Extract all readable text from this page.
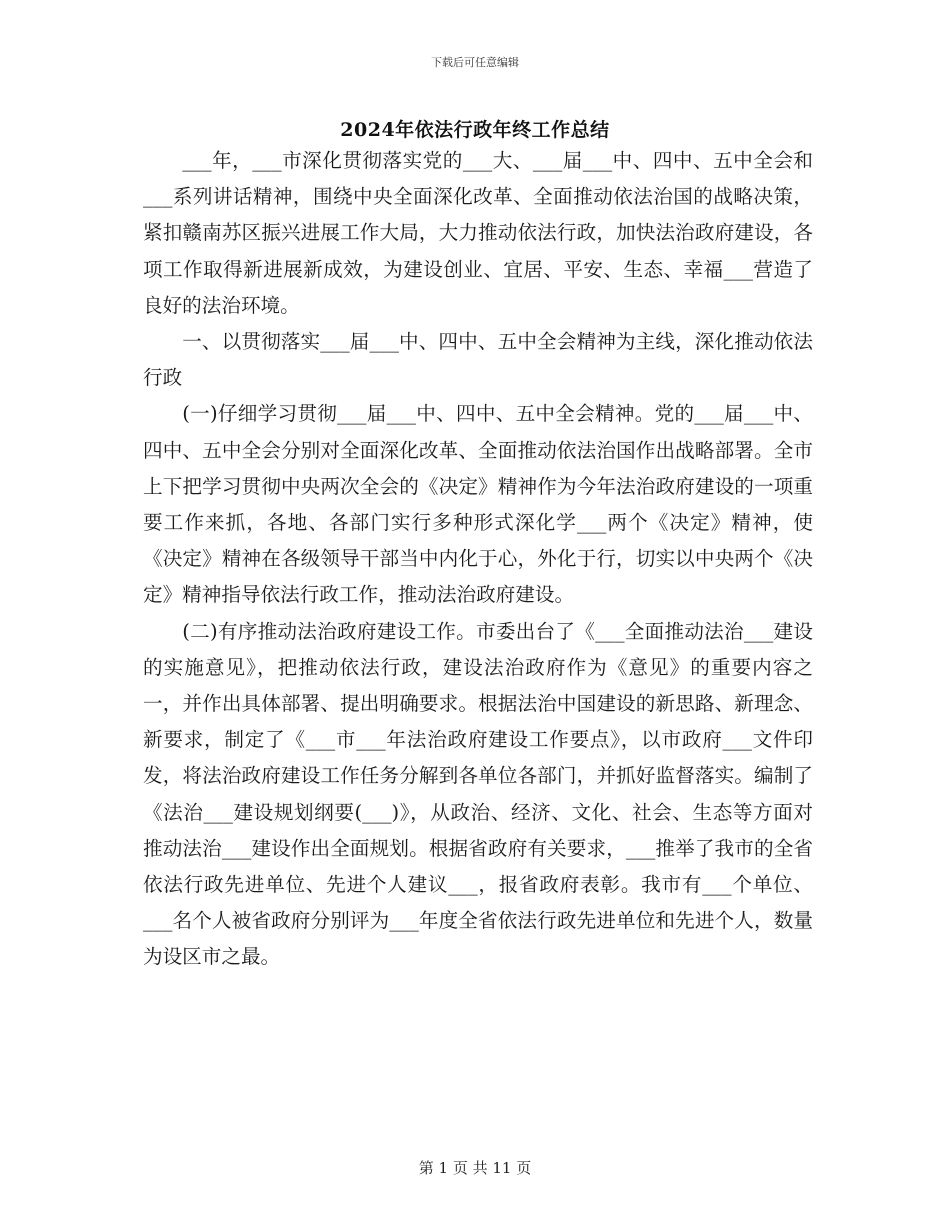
下载后可任意编辑
2024年依法行政年终工作总结

___年，___市深化贯彻落实党的___大、___届___中、四中、五中全会和___系列讲话精神，围绕中央全面深化改革、全面推动依法治国的战略决策，紧扣赣南苏区振兴进展工作大局，大力推动依法行政，加快法治政府建设，各项工作取得新进展新成效，为建设创业、宜居、平安、生态、幸福___营造了良好的法治环境。

一、以贯彻落实___届___中、四中、五中全会精神为主线，深化推动依法行政

(一)仔细学习贯彻___届___中、四中、五中全会精神。党的___届___中、四中、五中全会分别对全面深化改革、全面推动依法治国作出战略部署。全市上下把学习贯彻中央两次全会的《决定》精神作为今年法治政府建设的一项重要工作来抓，各地、各部门实行多种形式深化学___两个《决定》精神，使《决定》精神在各级领导干部当中内化于心，外化于行，切实以中央两个《决定》精神指导依法行政工作，推动法治政府建设。

(二)有序推动法治政府建设工作。市委出台了《___全面推动法治___建设的实施意见》，把推动依法行政，建设法治政府作为《意见》的重要内容之一，并作出具体部署、提出明确要求。根据法治中国建设的新思路、新理念、新要求，制定了《___市___年法治政府建设工作要点》，以市政府___文件印发，将法治政府建设工作任务分解到各单位各部门，并抓好监督落实。编制了《法治___建设规划纲要(___)》，从政治、经济、文化、社会、生态等方面对推动法治___建设作出全面规划。根据省政府有关要求，___推举了我市的全省依法行政先进单位、先进个人建议___，报省政府表彰。我市有___个单位、___名个人被省政府分别评为___年度全省依法行政先进单位和先进个人，数量为设区市之最。

第 1 页 共 11 页
